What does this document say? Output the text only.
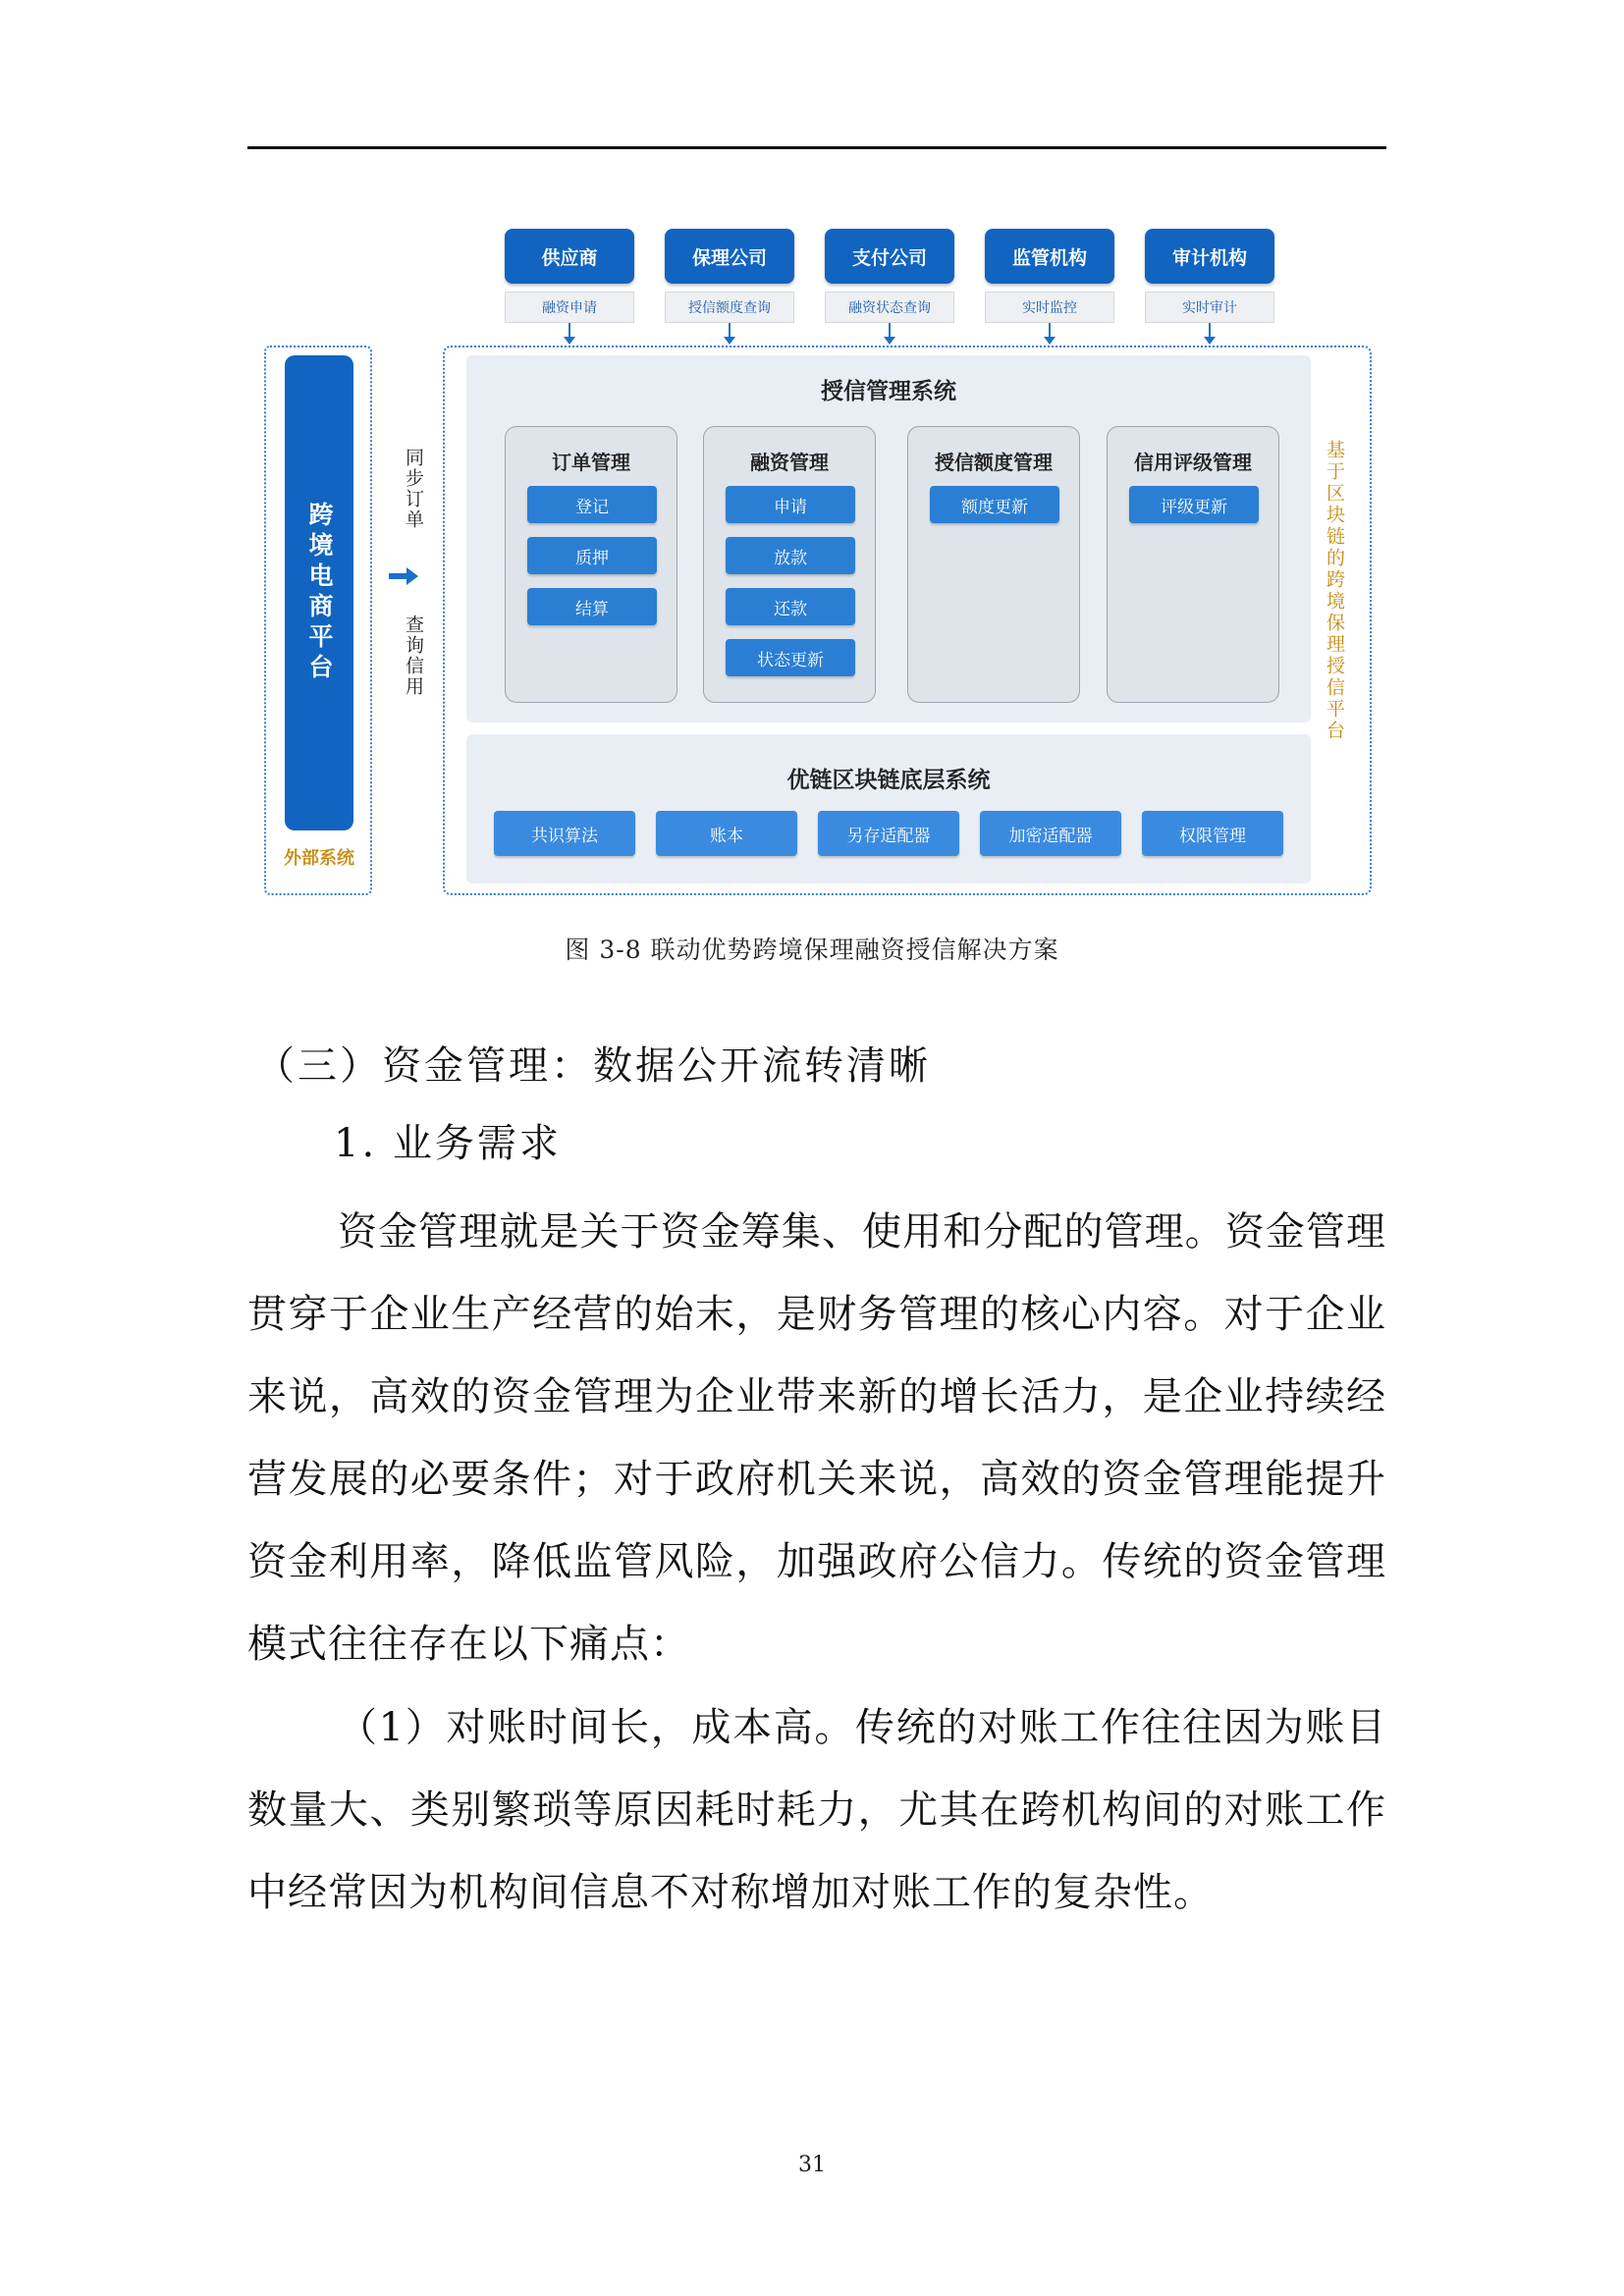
供应商
融资申请
保理公司
授信额度查询
支付公司
融资状态查询
监管机构
实时监控
审计机构
实时审计
跨境电商平台
外部系统
同步订单
查询信用
授信管理系统
订单管理
登记
质押
结算
融资管理
申请
放款
还款
状态更新
授信额度管理
额度更新
信用评级管理
评级更新
优链区块链底层系统
共识算法	账本	另存适配器	加密适配器	权限管理
基于区块链的跨境保理授信平台
图 3-8 联动优势跨境保理融资授信解决方案
（三）资金管理：数据公开流转清晰
1. 业务需求

资金管理就是关于资金筹集、使用和分配的管理。资金管理贯穿于企业生产经营的始末，是财务管理的核心内容。对于企业来说，高效的资金管理为企业带来新的增长活力，是企业持续经营发展的必要条件；对于政府机关来说，高效的资金管理能提升资金利用率，降低监管风险，加强政府公信力。传统的资金管理模式往往存在以下痛点：

（1）对账时间长，成本高。传统的对账工作往往因为账目数量大、类别繁琐等原因耗时耗力，尤其在跨机构间的对账工作中经常因为机构间信息不对称增加对账工作的复杂性。

31
